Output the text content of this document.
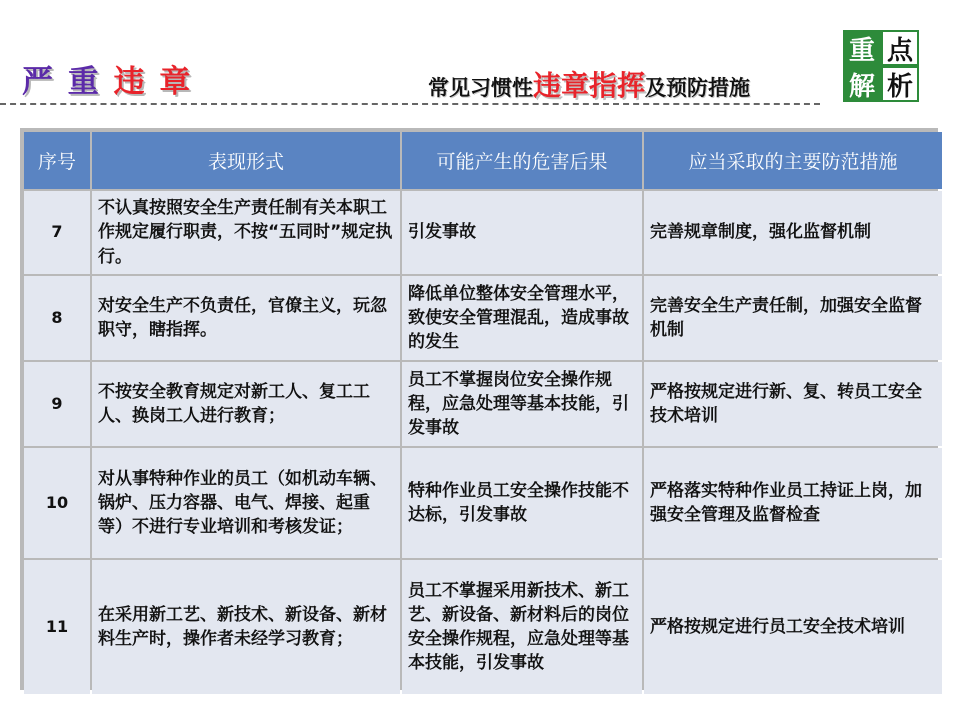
严 重 违 章	常见习惯性违章指挥及预防措施
重 点
解 析
序号	表现形式	可能产生的危害后果	应当采取的主要防范措施
7	不认真按照安全生产责任制有关本职工作规定履行职责，不按“五同时”规定执行。	引发事故	完善规章制度，强化监督机制
8	对安全生产不负责任，官僚主义，玩忽职守，瞎指挥。	降低单位整体安全管理水平，致使安全管理混乱，造成事故的发生	完善安全生产责任制，加强安全监督机制
9	不按安全教育规定对新工人、复工工人、换岗工人进行教育；	员工不掌握岗位安全操作规程，应急处理等基本技能，引发事故	严格按规定进行新、复、转员工安全技术培训
10	对从事特种作业的员工（如机动车辆、锅炉、压力容器、电气、焊接、起重等）不进行专业培训和考核发证；	特种作业员工安全操作技能不达标，引发事故	严格落实特种作业员工持证上岗，加强安全管理及监督检查
11	在采用新工艺、新技术、新设备、新材料生产时，操作者未经学习教育；	员工不掌握采用新技术、新工艺、新设备、新材料后的岗位安全操作规程，应急处理等基本技能，引发事故	严格按规定进行员工安全技术培训
